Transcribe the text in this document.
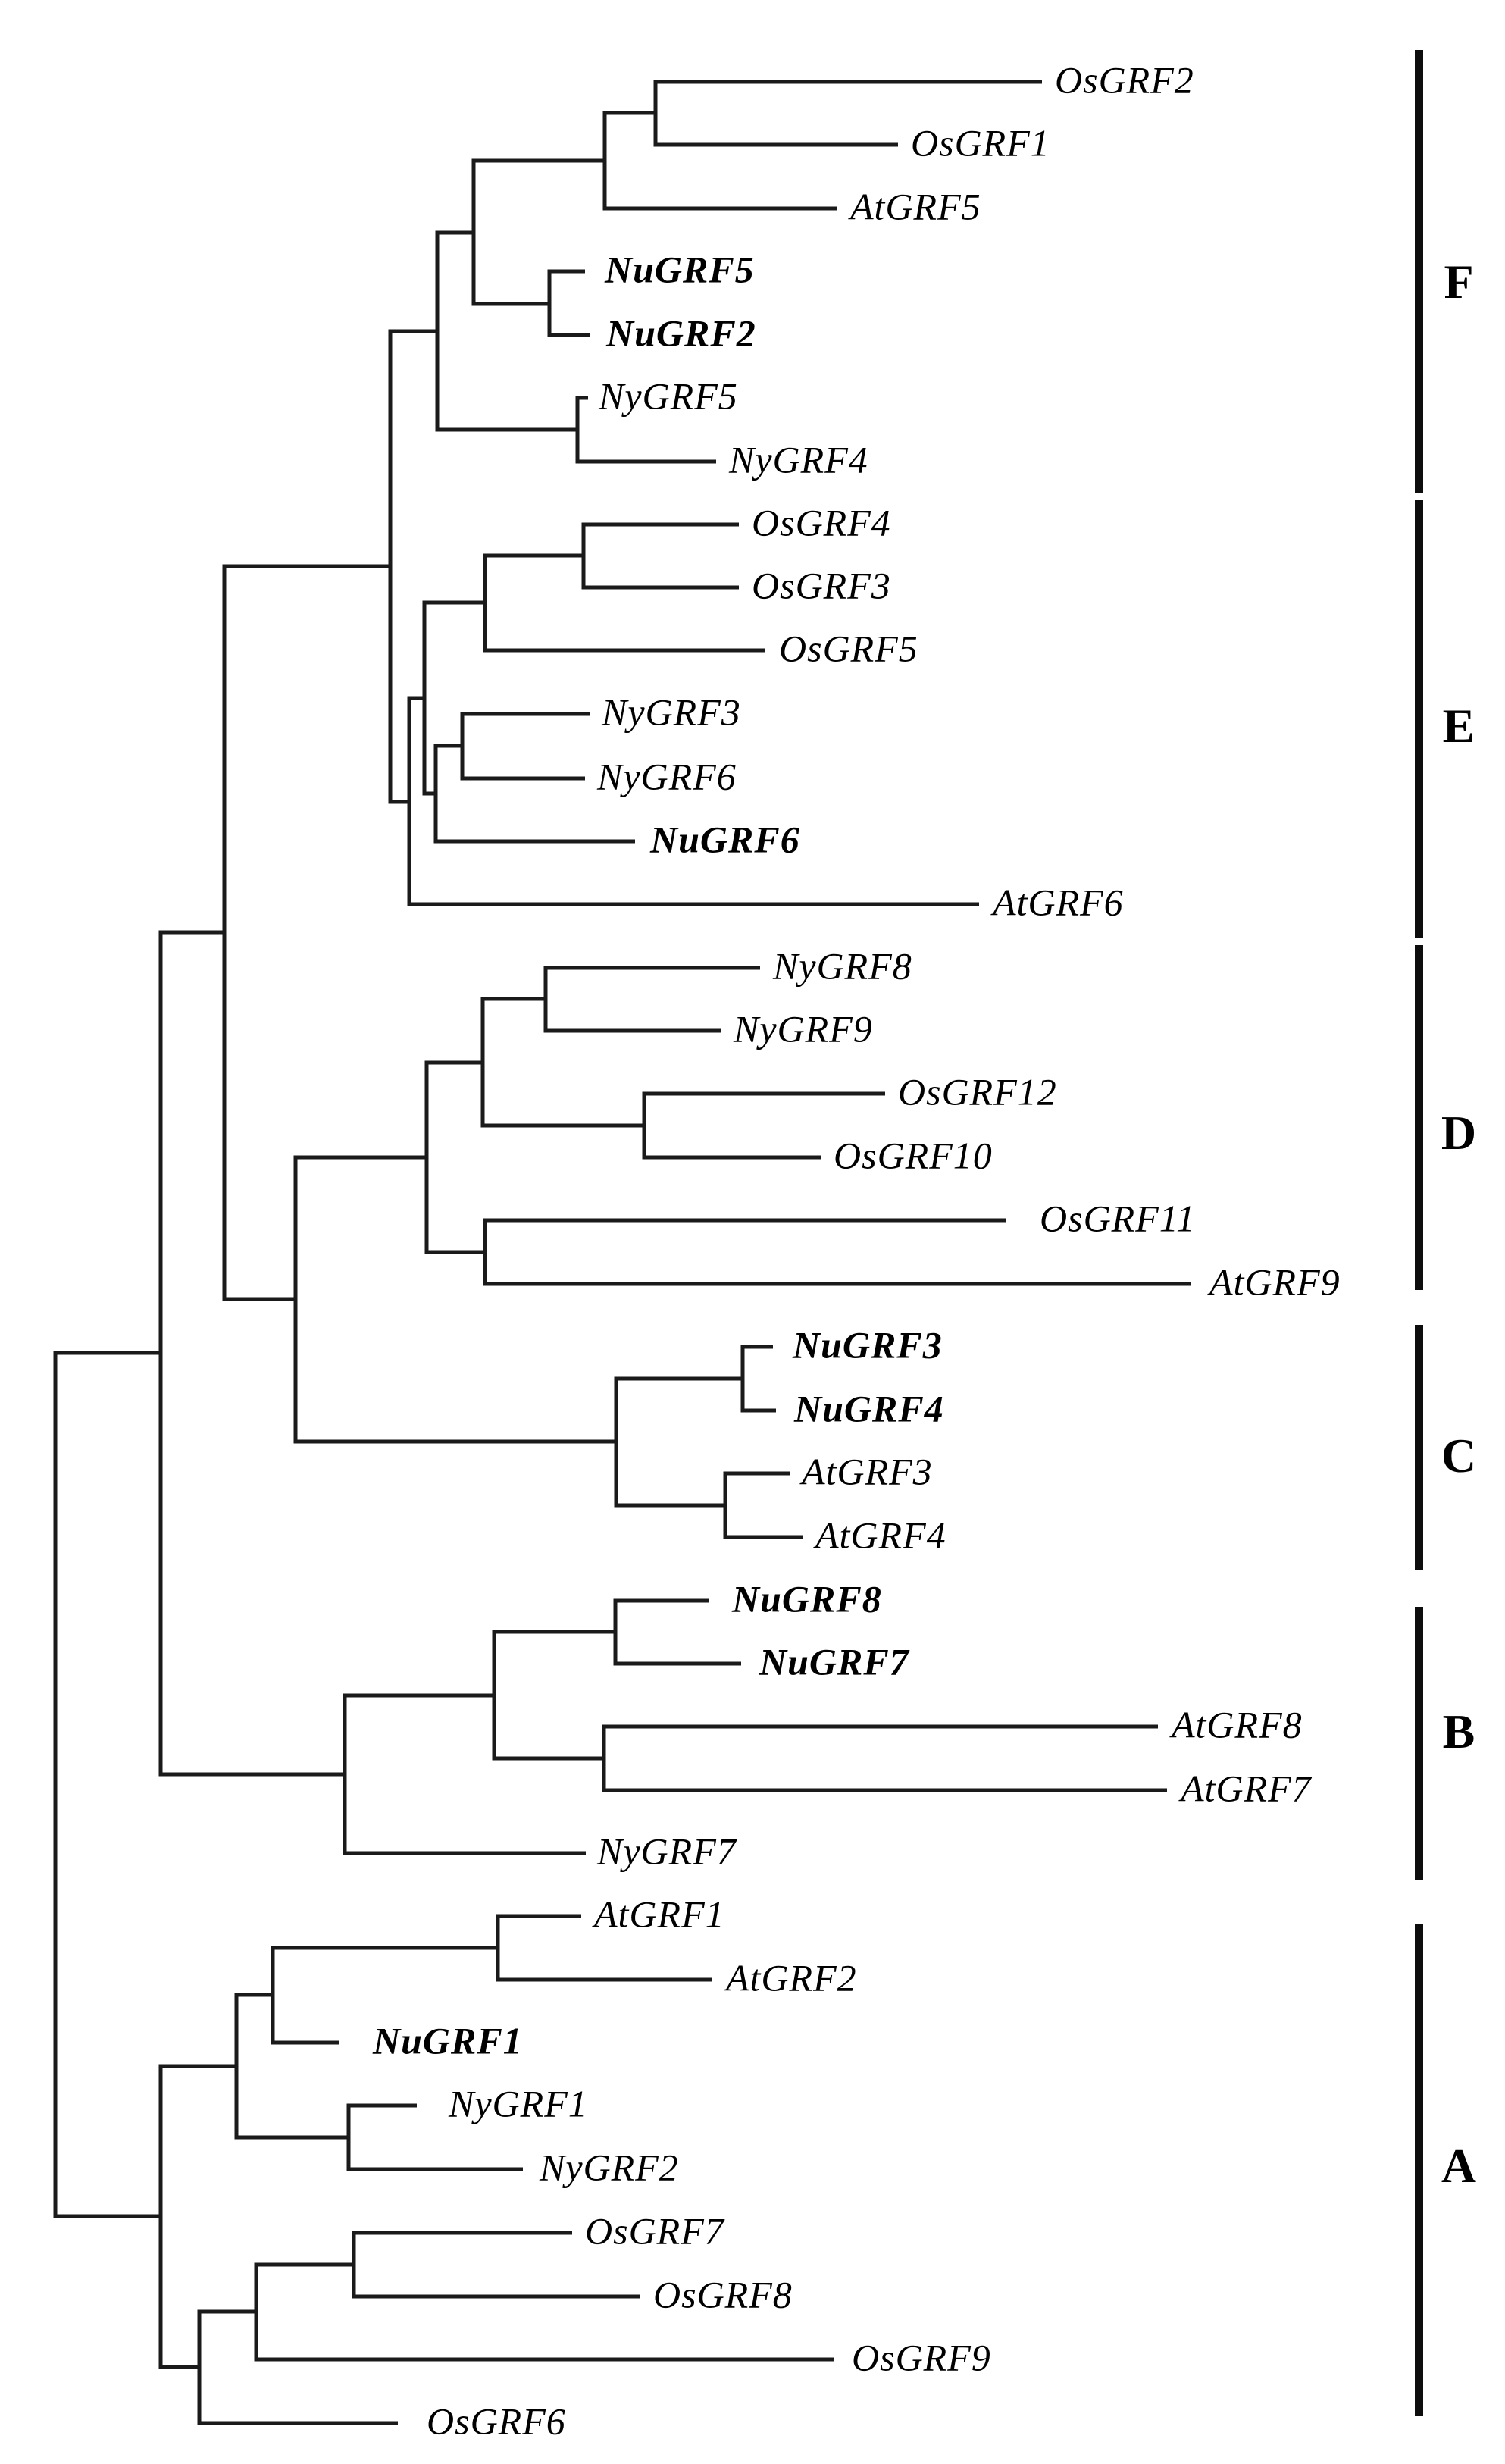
OsGRF2
OsGRF1
AtGRF5
NuGRF5
NuGRF2
NyGRF5
NyGRF4
OsGRF4
OsGRF3
OsGRF5
NyGRF3
NyGRF6
NuGRF6
AtGRF6
NyGRF8
NyGRF9
OsGRF12
OsGRF10
OsGRF11
AtGRF9
NuGRF3
NuGRF4
AtGRF3
AtGRF4
NuGRF8
NuGRF7
AtGRF8
AtGRF7
NyGRF7
AtGRF1
AtGRF2
NuGRF1
NyGRF1
NyGRF2
OsGRF7
OsGRF8
OsGRF9
OsGRF6
F
E
D
C
B
A
